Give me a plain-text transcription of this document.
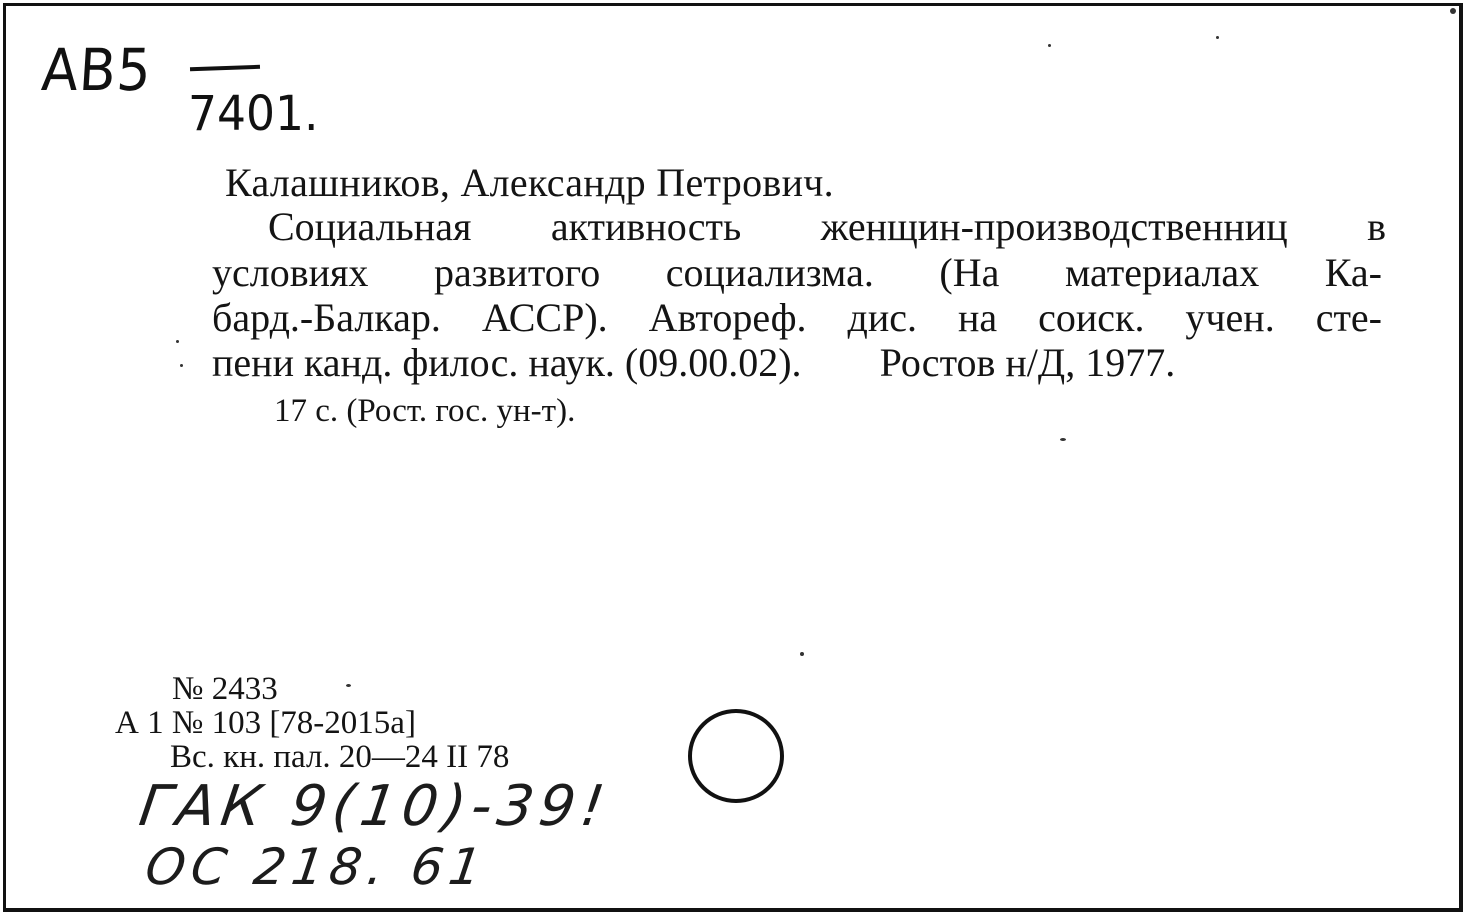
AB5
7401.
Калашников, Александр Петрович.
Социальная активность женщин-производственниц в
условиях развитого социализма. (На материалах Ка-
бард.-Балкар. АССР). Автореф. дис. на соиск. учен. сте-
пени канд. филос. наук. (09.00.02). Ростов н/Д, 1977.
17 с. (Рост. гос. ун-т).
№ 2433
А 1 № 103 [78-2015а]
Вс. кн. пал. 20—24 II 78
ГАК 9(10)-39!
ОС 218. 61
